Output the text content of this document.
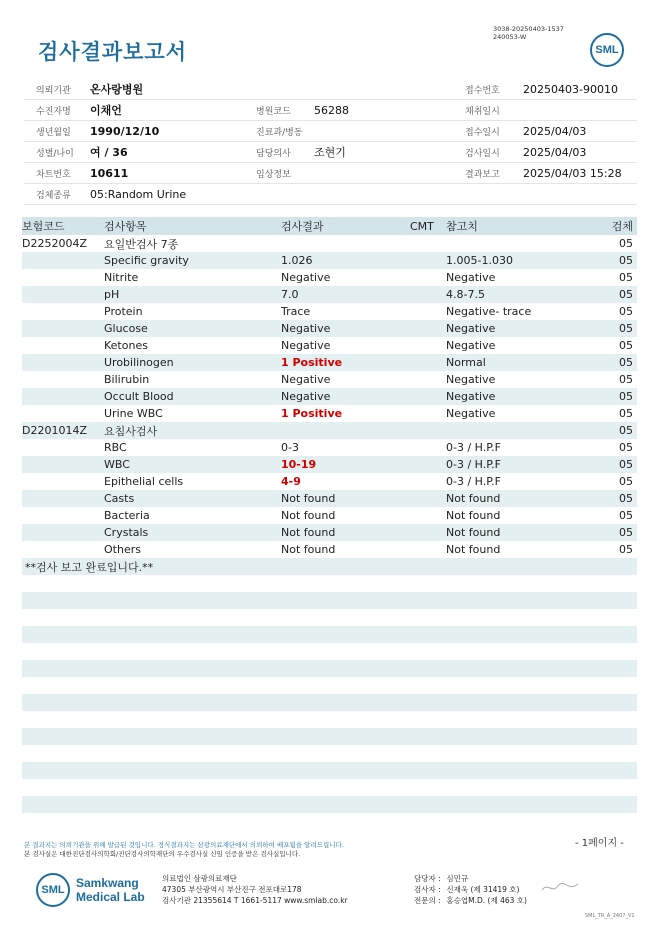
검사결과보고서
3038-20250403-1537
240053-W
SML
의뢰기관 온사랑병원	접수번호 20250403-90010
수진자명 이채언	병원코드 56288	채취일시
생년월일 1990/12/10	진료과/병동	접수일시 2025/04/03
성별/나이 여 / 36	담당의사 조현기	검사일시 2025/04/03
차트번호 10611	임상정보	결과보고 2025/04/03 15:28
검체종류 05:Random Urine
보험코드	검사항목	검사결과	CMT 참고치	검체
D2252004Z 요일반검사 7종	05
Specific gravity	1.026	1.005-1.030	05
Nitrite	Negative	Negative	05
pH	7.0	4.8-7.5	05
Protein	Trace	Negative- trace	05
Glucose	Negative	Negative	05
Ketones	Negative	Negative	05
Urobilinogen	1 Positive	Normal	05
Bilirubin	Negative	Negative	05
Occult Blood	Negative	Negative	05
Urine WBC	1 Positive	Negative	05
D2201014Z 요침사검사	05
RBC	0-3	0-3 / H.P.F	05
WBC	10-19	0-3 / H.P.F	05
Epithelial cells	4-9	0-3 / H.P.F	05
Casts	Not found	Not found	05
Bacteria	Not found	Not found	05
Crystals	Not found	Not found	05
Others	Not found	Not found	05
**검사 보고 완료입니다.**
본 결과지는 의뢰기관을 위해 발급된 것입니다. 정식결과지는 삼광의료재단에서 의뢰하여 배포됨을 알려드립니다.
본 검사실은 대한진단검사의학회/진단검사의학재단의 우수검사실 신임 인증을 받은 검사실입니다.
- 1페이지 -
SML Samkwang
Medical Lab
의료법인 삼광의료재단
47305 부산광역시 부산진구 전포대로178
검사기관 21355614 T 1661-5117 www.smlab.co.kr
담당자 : 심민규
검사자 : 신재욱 (제 31419 호)
전문의 : 홍승엽M.D. (제 463 호)
SML_TR_A_2407_V1
